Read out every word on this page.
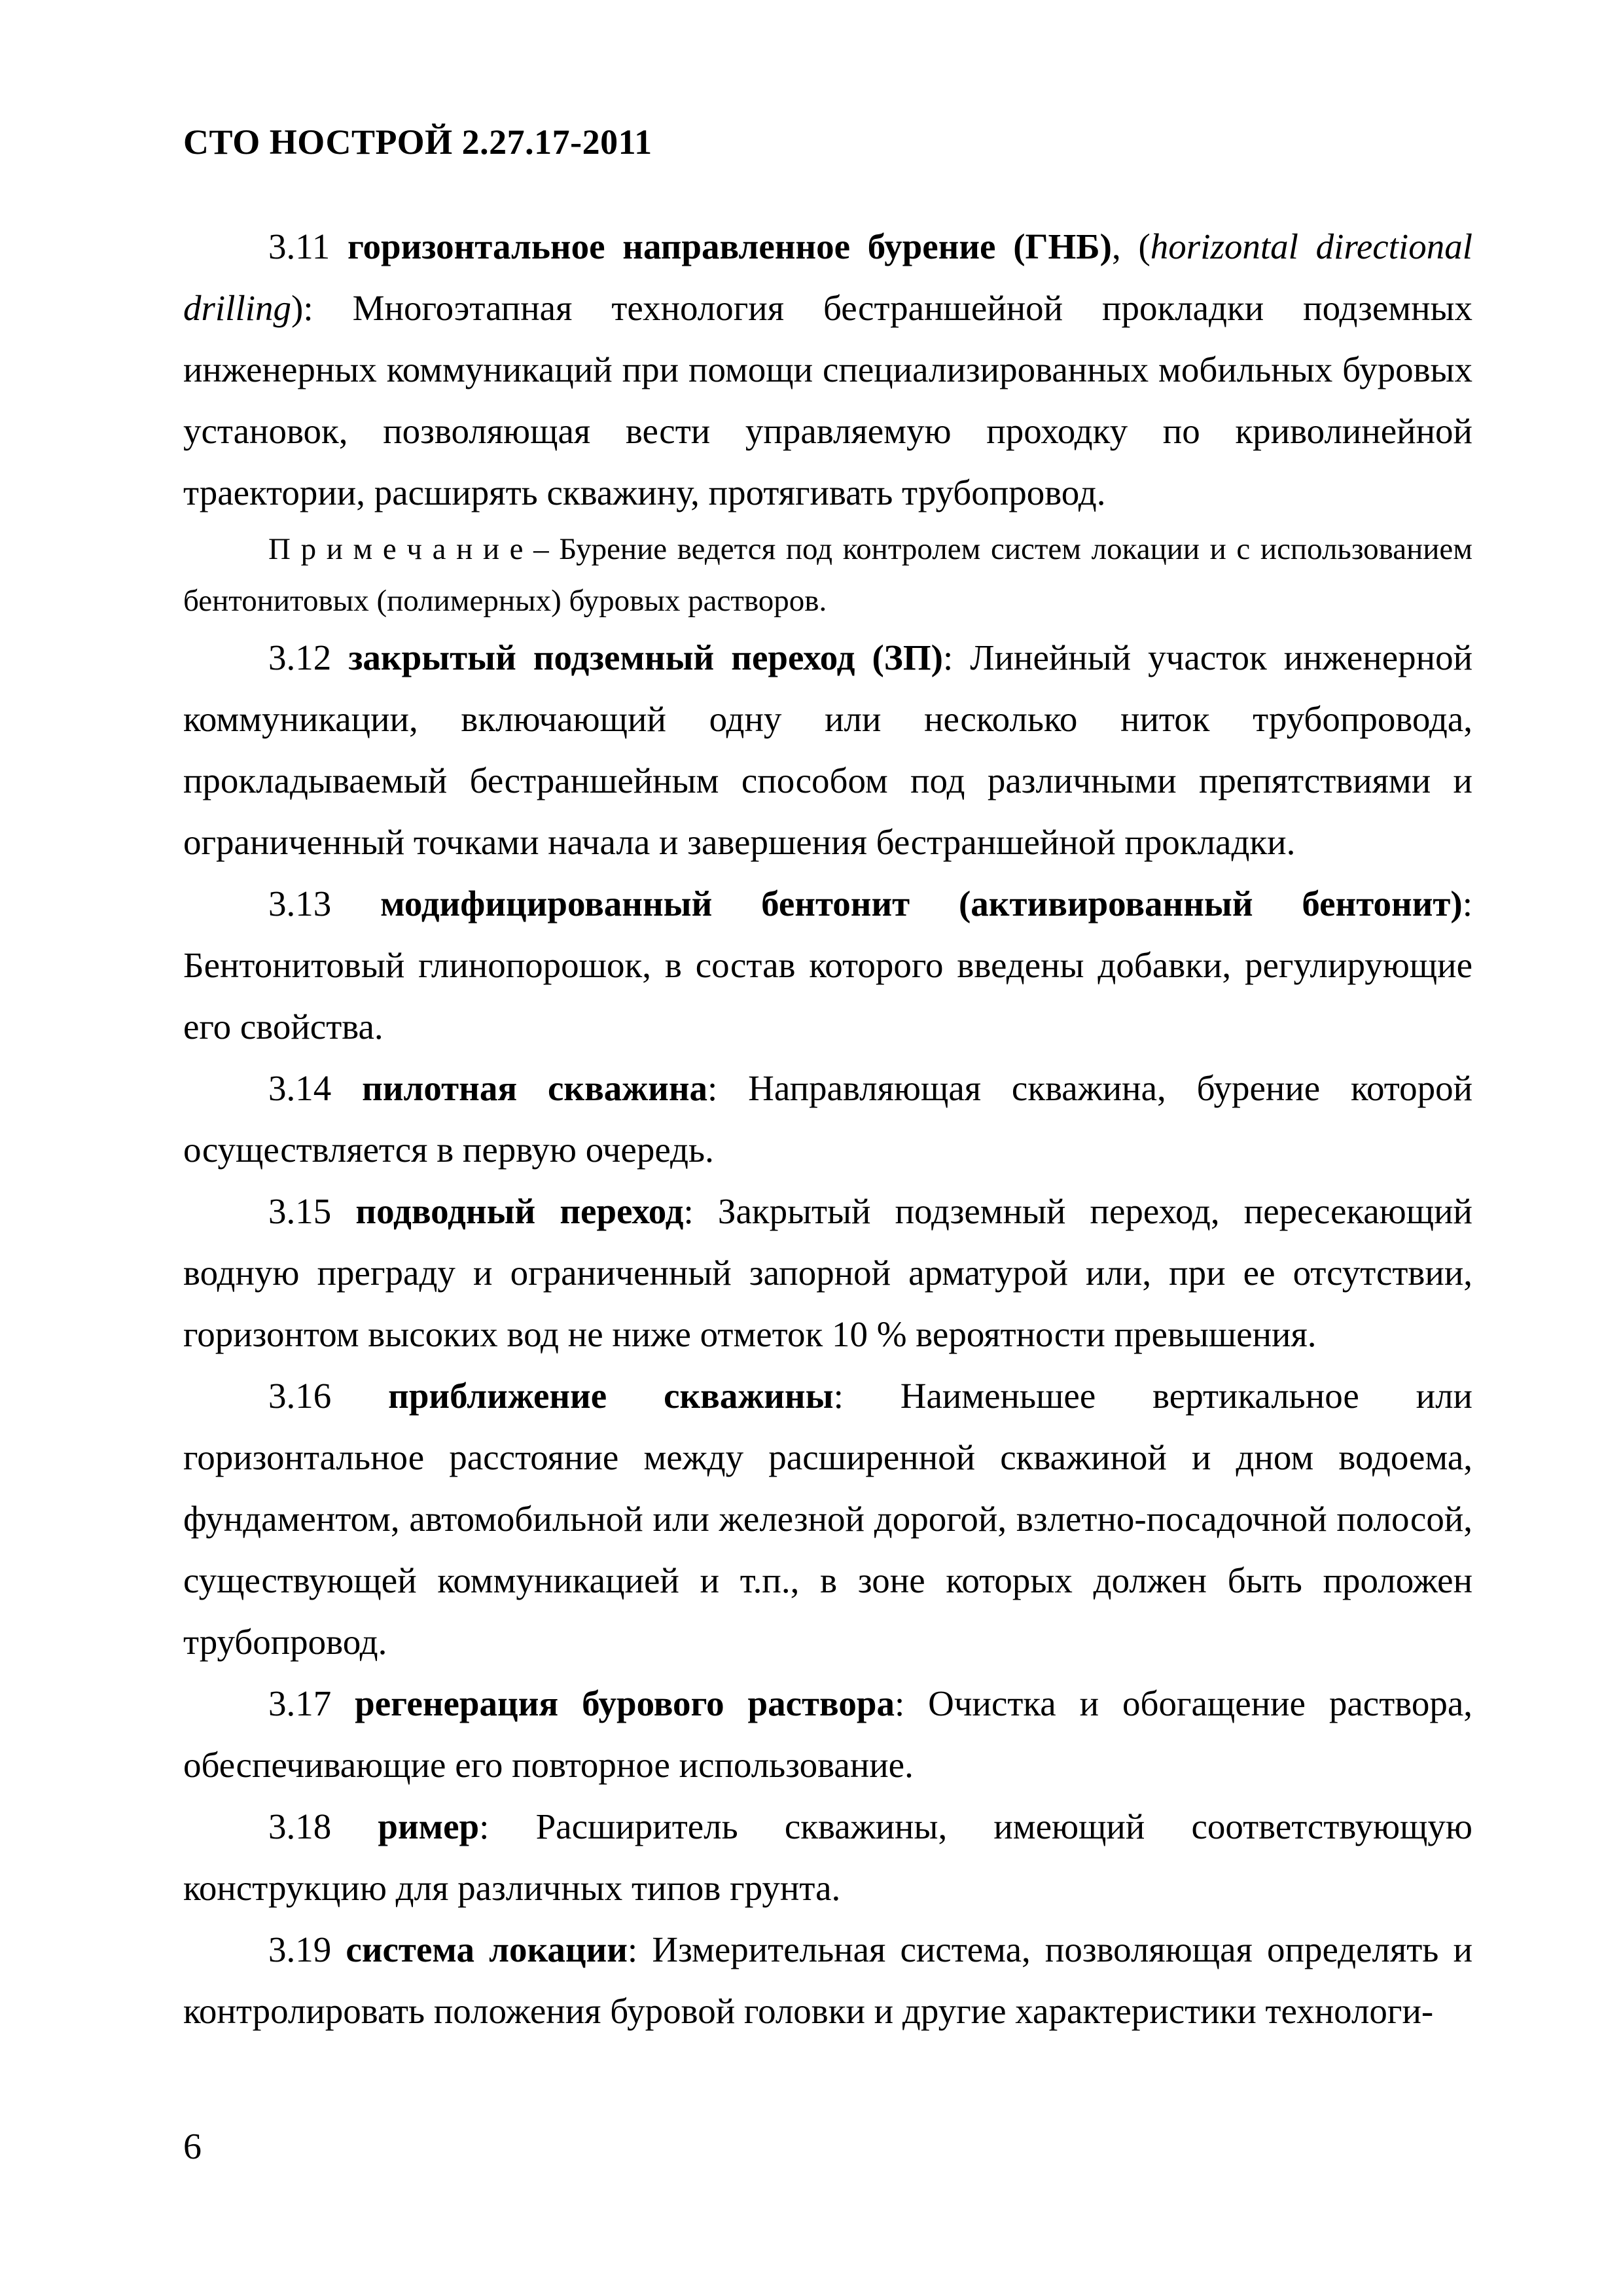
СТО НОСТРОЙ 2.27.17-2011

3.11 горизонтальное направленное бурение (ГНБ), (horizontal directional drilling): Многоэтапная технология бестраншейной прокладки подземных инженерных коммуникаций при помощи специализированных мобильных буровых установок, позволяющая вести управляемую проходку по криволинейной траектории, расширять скважину, протягивать трубопровод.

П р и м е ч а н и е – Бурение ведется под контролем систем локации и с использованием бентонитовых (полимерных) буровых растворов.

3.12 закрытый подземный переход (ЗП): Линейный участок инженерной коммуникации, включающий одну или несколько ниток трубопровода, прокладываемый бестраншейным способом под различными препятствиями и ограниченный точками начала и завершения бестраншейной прокладки.

3.13 модифицированный бентонит (активированный бентонит): Бентонитовый глинопорошок, в состав которого введены добавки, регулирующие его свойства.

3.14 пилотная скважина: Направляющая скважина, бурение которой осуществляется в первую очередь.

3.15 подводный переход: Закрытый подземный переход, пересекающий водную преграду и ограниченный запорной арматурой или, при ее отсутствии, горизонтом высоких вод не ниже отметок 10 % вероятности превышения.

3.16 приближение скважины: Наименьшее вертикальное или горизонтальное расстояние между расширенной скважиной и дном водоема, фундаментом, автомобильной или железной дорогой, взлетно-посадочной полосой, существующей коммуникацией и т.п., в зоне которых должен быть проложен трубопровод.

3.17 регенерация бурового раствора: Очистка и обогащение раствора, обеспечивающие его повторное использование.

3.18 ример: Расширитель скважины, имеющий соответствующую конструкцию для различных типов грунта.

3.19 система локации: Измерительная система, позволяющая определять и контролировать положения буровой головки и другие характеристики технологи-

6
